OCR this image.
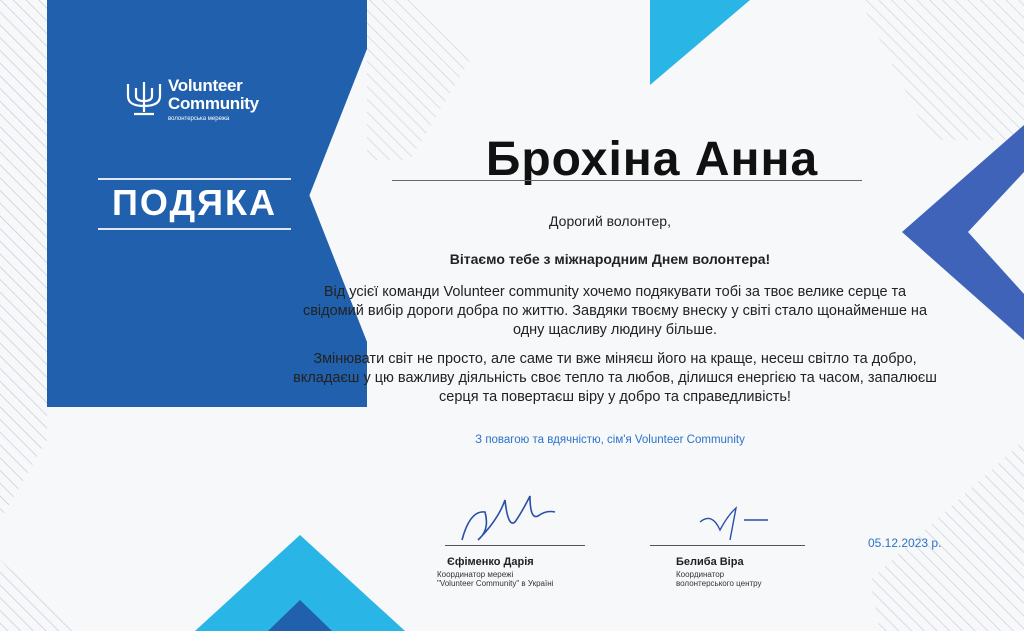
Volunteer
Community
волонтерська мережа
ПОДЯКА
Брохіна Анна
Дорогий волонтер,
Вітаємо тебе з міжнародним Днем волонтера!
Від усієї команди Volunteer community хочемо подякувати тобі за твоє велике серце та
свідомий вибір дороги добра по життю. Завдяки твоєму внеску у світі стало щонайменше на
одну щасливу людину більше.
Змінювати світ не просто, але саме ти вже міняєш його на краще, несеш світло та добро,
вкладаєш у цю важливу діяльність своє тепло та любов, ділишся енергією та часом, запалюєш
серця та повертаєш віру у добро та справедливість!
З повагою та вдячністю, сім'я Volunteer Community
Єфіменко Дарія
Координатор мережі
"Volunteer Community" в Україні
Белиба Віра
Координатор
волонтерського центру
05.12.2023 р.
